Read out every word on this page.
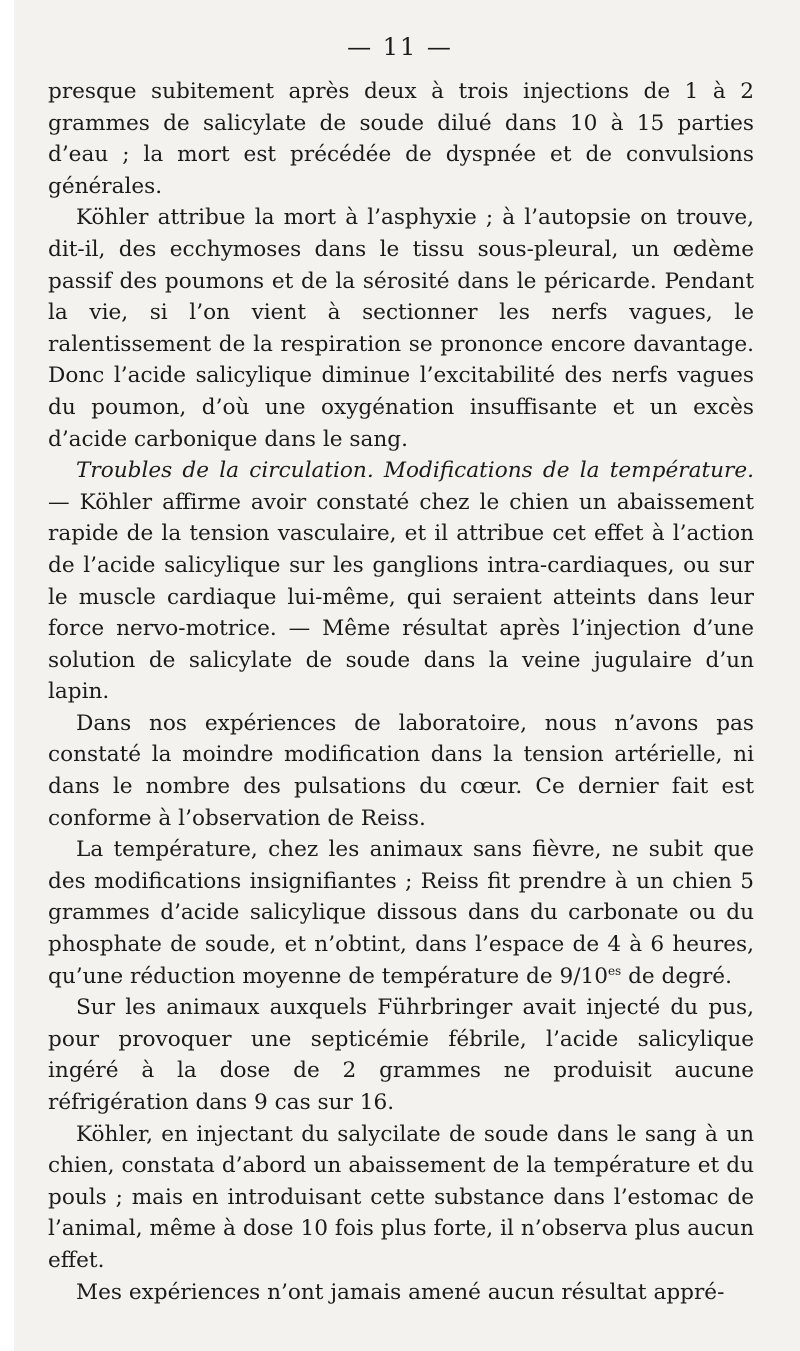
— 11 —

presque subitement après deux à trois injections de 1 à 2 grammes de salicylate de soude dilué dans 10 à 15 parties d’eau ; la mort est précédée de dyspnée et de convulsions générales.

Köhler attribue la mort à l’asphyxie ; à l’autopsie on trouve, dit-il, des ecchymoses dans le tissu sous-pleural, un œdème passif des poumons et de la sérosité dans le péricarde. Pendant la vie, si l’on vient à sectionner les nerfs vagues, le ralentissement de la respiration se prononce encore davantage. Donc l’acide salicylique diminue l’excitabilité des nerfs vagues du poumon, d’où une oxygénation insuffisante et un excès d’acide carbonique dans le sang.

Troubles de la circulation. Modifications de la température. — Köhler affirme avoir constaté chez le chien un abaissement rapide de la tension vasculaire, et il attribue cet effet à l’action de l’acide salicylique sur les ganglions intra-cardiaques, ou sur le muscle cardiaque lui-même, qui seraient atteints dans leur force nervo-motrice. — Même résultat après l’injection d’une solution de salicylate de soude dans la veine jugulaire d’un lapin.

Dans nos expériences de laboratoire, nous n’avons pas constaté la moindre modification dans la tension artérielle, ni dans le nombre des pulsations du cœur. Ce dernier fait est conforme à l’observation de Reiss.

La température, chez les animaux sans fièvre, ne subit que des modifications insignifiantes ; Reiss fit prendre à un chien 5 grammes d’acide salicylique dissous dans du carbonate ou du phosphate de soude, et n’obtint, dans l’espace de 4 à 6 heures, qu’une réduction moyenne de température de $9/10^{es}$ de degré.

Sur les animaux auxquels Führbringer avait injecté du pus, pour provoquer une septicémie fébrile, l’acide salicylique ingéré à la dose de 2 grammes ne produisit aucune réfrigération dans 9 cas sur 16.

Köhler, en injectant du salycilate de soude dans le sang à un chien, constata d’abord un abaissement de la température et du pouls ; mais en introduisant cette substance dans l’estomac de l’animal, même à dose 10 fois plus forte, il n’observa plus aucun effet.

Mes expériences n’ont jamais amené aucun résultat appré-
